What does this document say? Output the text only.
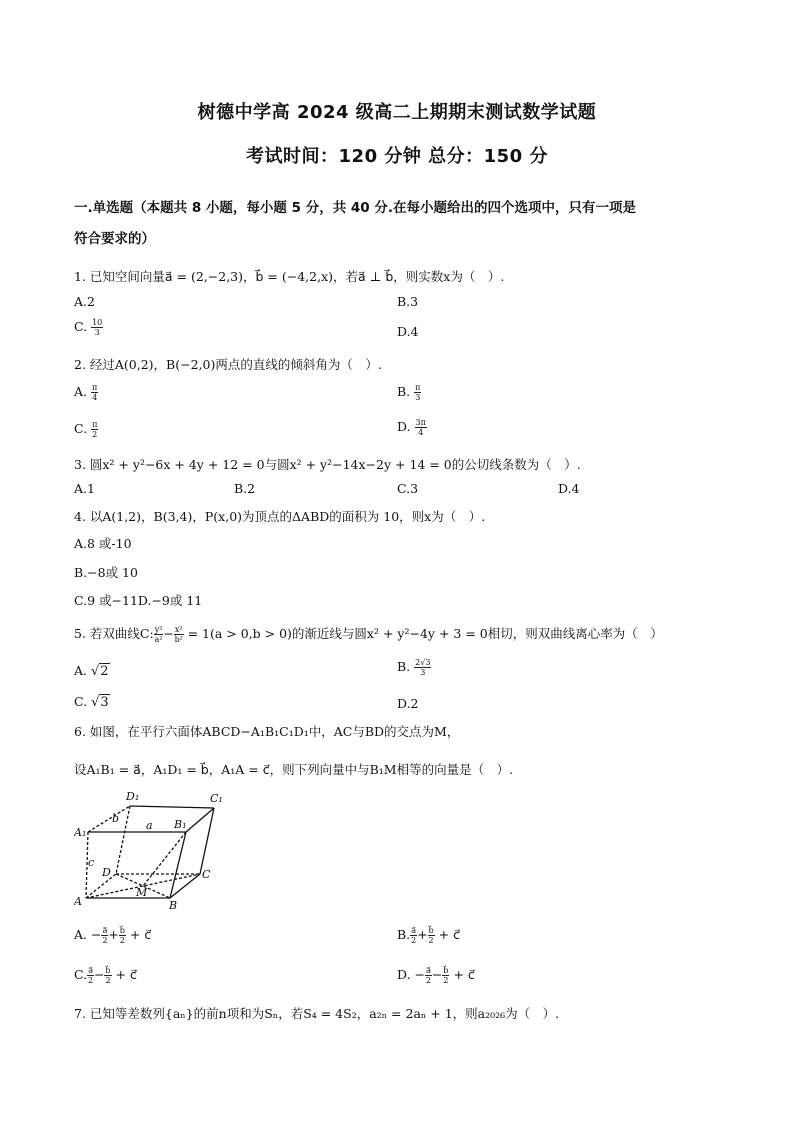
树德中学高 2024 级高二上期期末测试数学试题
考试时间：120 分钟 总分：150 分
一.单选题（本题共 8 小题，每小题 5 分，共 40 分.在每小题给出的四个选项中，只有一项是
符合要求的）
1. 已知空间向量a⃗ = (2,−2,3)，b⃗ = (−4,2,x)，若a⃗ ⊥ b⃗，则实数x为（　）.
A.2	B.3
C. $\frac{10}{3}$	D.4
2. 经过A(0,2)，B(−2,0)两点的直线的倾斜角为（　）.
A. $\frac{\pi}{4}$	B. $\frac{\pi}{3}$
C. $\frac{\pi}{2}$	D. $\frac{3\pi}{4}$
3. 圆x² + y²−6x + 4y + 12 = 0与圆x² + y²−14x−2y + 14 = 0的公切线条数为（　）.
A.1	B.2	C.3	D.4
4. 以A(1,2)，B(3,4)，P(x,0)为顶点的ΔABD的面积为 10，则x为（　）.
A.8 或-10
B.−8或 10
C.9 或−11D.−9或 11
5. 若双曲线C: $\frac{\text{y²}}{\text{a²}} - \frac{\text{x²}}{\text{b²}} = 1(a > 0,b > 0)$的渐近线与圆x² + y²−4y + 3 = 0相切，则双曲线离心率为（　）
A. √2	B. $\frac{2√3}{3}$
C. √3	D.2
6. 如图，在平行六面体ABCD−A₁B₁C₁D₁中，AC与BD的交点为M，
设A₁B₁ = a⃗，A₁D₁ = b⃗，A₁A = c⃗，则下列向量中与B₁M相等的向量是（　）.
A	B
C
D
M
A₁
B₁
C₁
D₁
a
b
c
A. − $\frac{a⃗}{2} + \frac{b⃗}{2}$ + c⃗	B. $\frac{a⃗}{2} + \frac{b⃗}{2}$ + c⃗
C. $\frac{a⃗}{2} - \frac{b⃗}{2}$ + c⃗	D. − $\frac{a⃗}{2} - \frac{b⃗}{2}$ + c⃗
7. 已知等差数列{aₙ}的前n项和为Sₙ，若S₄ = 4S₂，a₂ₙ = 2aₙ + 1，则a₂₀₂₆为（　）.
